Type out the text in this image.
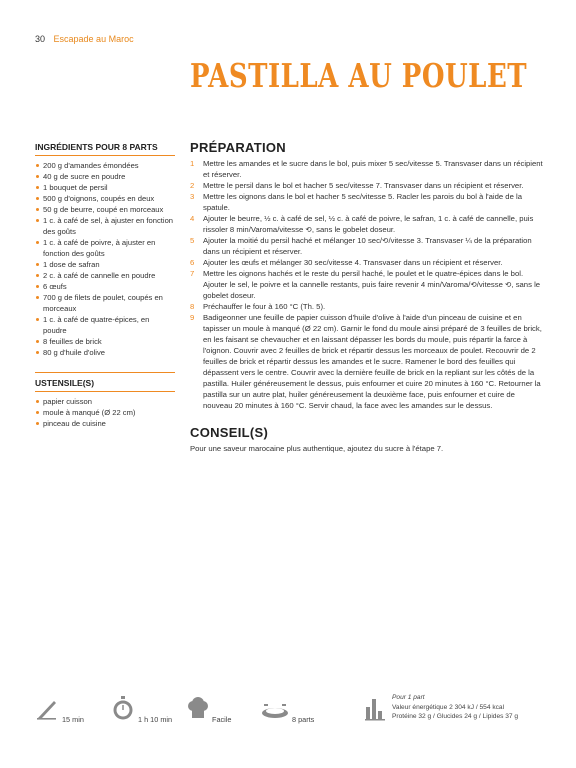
30 Escapade au Maroc
PASTILLA AU POULET
INGRÉDIENTS POUR 8 PARTS
200 g d'amandes émondées
40 g de sucre en poudre
1 bouquet de persil
500 g d'oignons, coupés en deux
50 g de beurre, coupé en morceaux
1 c. à café de sel, à ajuster en fonction des goûts
1 c. à café de poivre, à ajuster en fonction des goûts
1 dose de safran
2 c. à café de cannelle en poudre
6 œufs
700 g de filets de poulet, coupés en morceaux
1 c. à café de quatre-épices, en poudre
8 feuilles de brick
80 g d'huile d'olive
USTENSILE(S)
papier cuisson
moule à manqué (Ø 22 cm)
pinceau de cuisine
PRÉPARATION
1	Mettre les amandes et le sucre dans le bol, puis mixer 5 sec/vitesse 5. Transvaser dans un récipient et réserver.
2	Mettre le persil dans le bol et hacher 5 sec/vitesse 7. Transvaser dans un récipient et réserver.
3	Mettre les oignons dans le bol et hacher 5 sec/vitesse 5. Racler les parois du bol à l'aide de la spatule.
4	Ajouter le beurre, ½ c. à café de sel, ½ c. à café de poivre, le safran, 1 c. à café de cannelle, puis rissoler 8 min/Varoma/vitesse ⟲, sans le gobelet doseur.
5	Ajouter la moitié du persil haché et mélanger 10 sec/⟲/vitesse 3. Transvaser ¼ de la préparation dans un récipient et réserver.
6	Ajouter les œufs et mélanger 30 sec/vitesse 4. Transvaser dans un récipient et réserver.
7	Mettre les oignons hachés et le reste du persil haché, le poulet et le quatre-épices dans le bol. Ajouter le sel, le poivre et la cannelle restants, puis faire revenir 4 min/Varoma/⟲/vitesse ⟲, sans le gobelet doseur.
8	Préchauffer le four à 160 °C (Th. 5).
9	Badigeonner une feuille de papier cuisson d'huile d'olive à l'aide d'un pinceau de cuisine et en tapisser un moule à manqué (Ø 22 cm). Garnir le fond du moule ainsi préparé de 3 feuilles de brick, en les faisant se chevaucher et en laissant dépasser les bords du moule, puis répartir la farce à l'oignon. Couvrir avec 2 feuilles de brick et répartir dessus les morceaux de poulet. Recouvrir de 2 feuilles de brick et répartir dessus les amandes et le sucre. Ramener le bord des feuilles qui dépassent vers le centre. Couvrir avec la dernière feuille de brick en la repliant sur les côtés de la pastilla. Huiler généreusement le dessus, puis enfourner et cuire 20 minutes à 160 °C. Retourner la pastilla sur un autre plat, huiler généreusement la deuxième face, puis enfourner et cuire de nouveau 20 minutes à 160 °C. Servir chaud, la face avec les amandes sur le dessus.
CONSEIL(S)
Pour une saveur marocaine plus authentique, ajoutez du sucre à l'étape 7.
15 min	1 h 10 min	Facile	8 parts
Pour 1 part
Valeur énergétique 2 304 kJ / 554 kcal
Protéine 32 g / Glucides 24 g / Lipides 37 g
